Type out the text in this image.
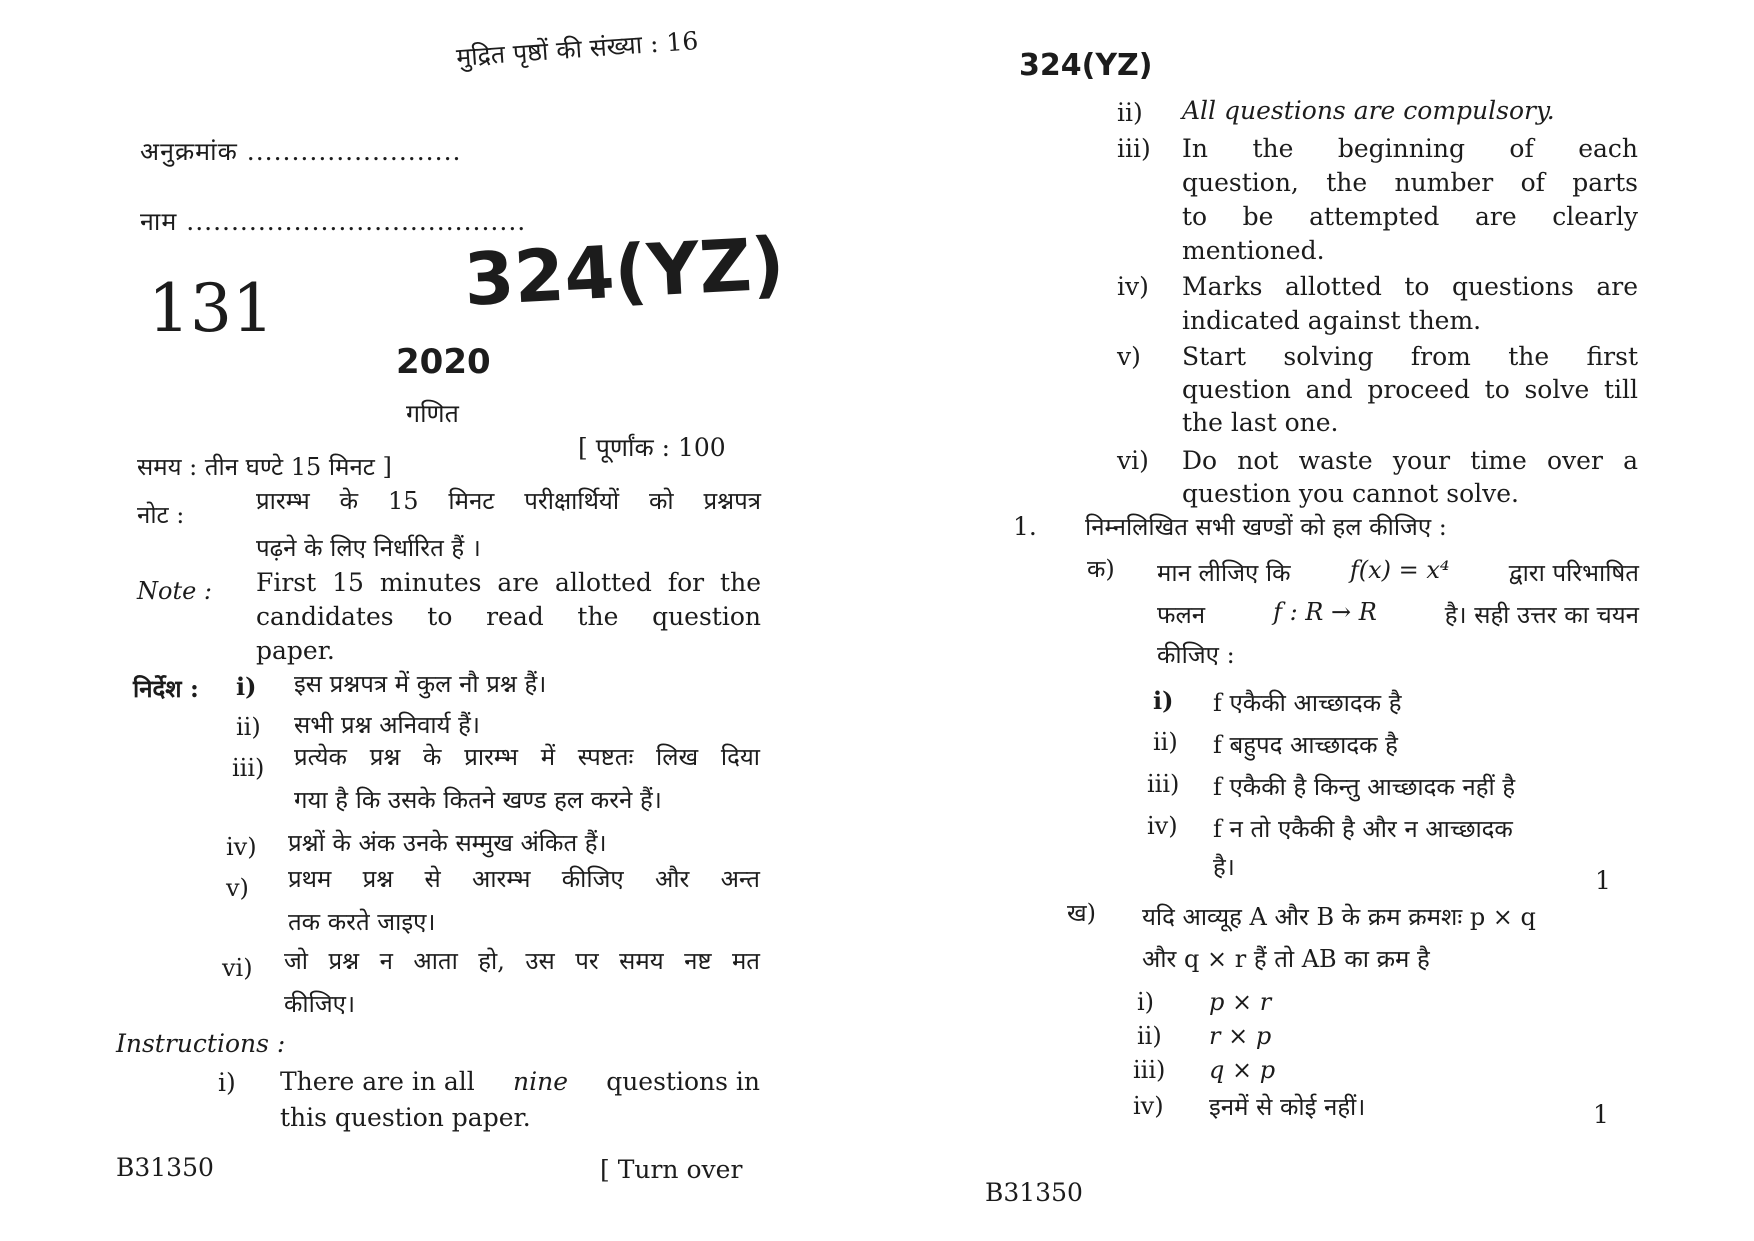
मुद्रित पृष्ठों की संख्या : 16
अनुक्रमांक ........................
नाम ......................................
131	324(YZ)
2020
गणित
समय : तीन घण्टे 15 मिनट ]
[ पूर्णांक : 100
नोट :	प्रारम्भ के 15 मिनट परीक्षार्थियों को प्रश्नपत्र
पढ़ने के लिए निर्धारित हैं ।
Note : First 15 minutes are allotted for the
candidates to read the question
paper.
निर्देश : i) इस प्रश्नपत्र में कुल नौ प्रश्न हैं।
ii) सभी प्रश्न अनिवार्य हैं।
iii) प्रत्येक प्रश्न के प्रारम्भ में स्पष्टतः लिख दिया
गया है कि उसके कितने खण्ड हल करने हैं।
iv) प्रश्नों के अंक उनके सम्मुख अंकित हैं।
v) प्रथम प्रश्न से आरम्भ कीजिए और अन्त
तक करते जाइए।
vi) जो प्रश्न न आता हो, उस पर समय नष्ट मत
कीजिए।
Instructions :
i) There are in all nine questions in
this question paper.
B31350	[ Turn over
324(YZ)
ii) All questions are compulsory.
iii) In the beginning of each
question, the number of parts
to be attempted are clearly
mentioned.
iv) Marks allotted to questions are
indicated against them.
v) Start solving from the first
question and proceed to solve till
the last one.
vi) Do not waste your time over a
question you cannot solve.
1. निम्नलिखित सभी खण्डों को हल कीजिए :
क) मान लीजिए कि f(x) = x⁴ द्वारा परिभाषित
फलन	f : R → R	है। सही उत्तर का चयन
कीजिए :
i) f एकैकी आच्छादक है
ii) f बहुपद आच्छादक है
iii) f एकैकी है किन्तु आच्छादक नहीं है
iv) f न तो एकैकी है और न आच्छादक
है।	1
ख) यदि आव्यूह A और B के क्रम क्रमशः p × q
और q × r हैं तो AB का क्रम है
i) p × r
ii) r × p
iii) q × p
iv) इनमें से कोई नहीं।	1
B31350
